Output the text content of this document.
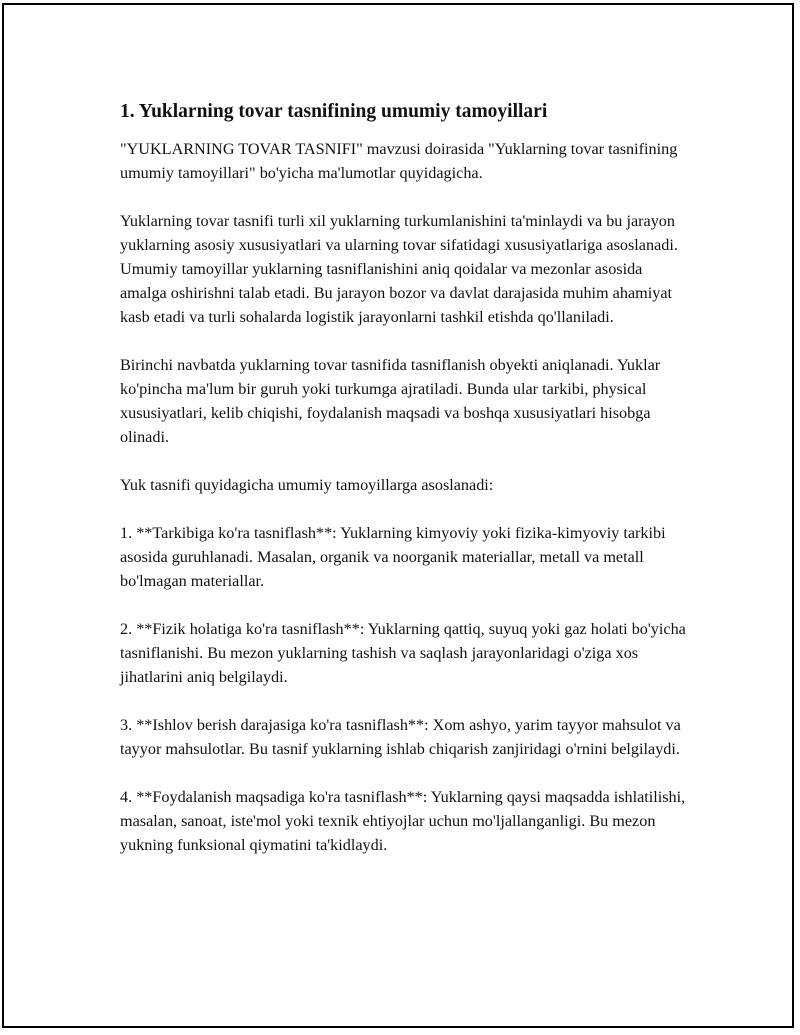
1. Yuklarning tovar tasnifining umumiy tamoyillari

"YUKLARNING TOVAR TASNIFI" mavzusi doirasida "Yuklarning tovar tasnifining umumiy tamoyillari" bo'yicha ma'lumotlar quyidagicha.

Yuklarning tovar tasnifi turli xil yuklarning turkumlanishini ta'minlaydi va bu jarayon yuklarning asosiy xususiyatlari va ularning tovar sifatidagi xususiyatlariga asoslanadi. Umumiy tamoyillar yuklarning tasniflanishini aniq qoidalar va mezonlar asosida amalga oshirishni talab etadi. Bu jarayon bozor va davlat darajasida muhim ahamiyat kasb etadi va turli sohalarda logistik jarayonlarni tashkil etishda qo'llaniladi.

Birinchi navbatda yuklarning tovar tasnifida tasniflanish obyekti aniqlanadi. Yuklar ko'pincha ma'lum bir guruh yoki turkumga ajratiladi. Bunda ular tarkibi, physical xususiyatlari, kelib chiqishi, foydalanish maqsadi va boshqa xususiyatlari hisobga olinadi.

Yuk tasnifi quyidagicha umumiy tamoyillarga asoslanadi:

1. **Tarkibiga ko'ra tasniflash**: Yuklarning kimyoviy yoki fizika-kimyoviy tarkibi asosida guruhlanadi. Masalan, organik va noorganik materiallar, metall va metall bo'lmagan materiallar.

2. **Fizik holatiga ko'ra tasniflash**: Yuklarning qattiq, suyuq yoki gaz holati bo'yicha tasniflanishi. Bu mezon yuklarning tashish va saqlash jarayonlaridagi o'ziga xos jihatlarini aniq belgilaydi.

3. **Ishlov berish darajasiga ko'ra tasniflash**: Xom ashyo, yarim tayyor mahsulot va tayyor mahsulotlar. Bu tasnif yuklarning ishlab chiqarish zanjiridagi o'rnini belgilaydi.

4. **Foydalanish maqsadiga ko'ra tasniflash**: Yuklarning qaysi maqsadda ishlatilishi, masalan, sanoat, iste'mol yoki texnik ehtiyojlar uchun mo'ljallanganligi. Bu mezon yukning funksional qiymatini ta'kidlaydi.
